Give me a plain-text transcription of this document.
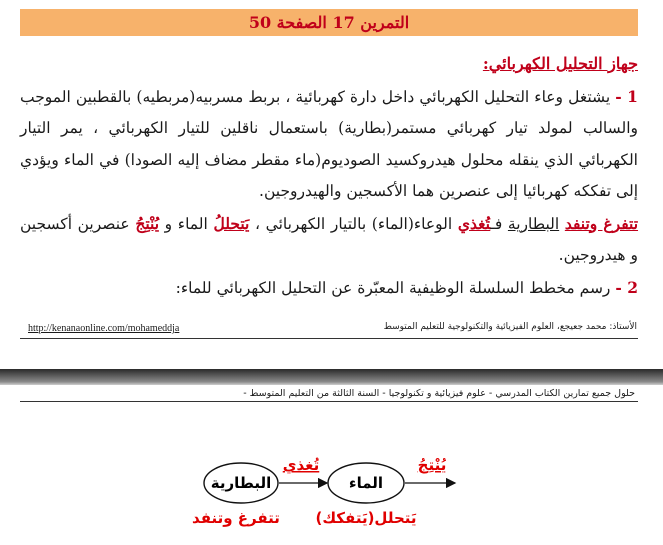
التمرين 17 الصفحة 50
جهاز التحليل الكهربائي:
1 - يشتغل وعاء التحليل الكهربائي داخل دارة كهربائية ، بربط مسربيه(مربطيه) بالقطبين الموجب والسالب لمولد تيار كهربائي مستمر(بطارية) باستعمال ناقلين للتيار الكهربائي ، يمر التيار الكهربائي الذي ينقله محلول هيدروكسيد الصوديوم(ماء مقطر مضاف إليه الصودا) في الماء ويؤدي إلى تفككه كهربائيا إلى عنصرين هما الأكسجين والهيدروجين.
تتفرغ وتنفد البطارية فـتُغذي الوعاء(الماء) بالتيار الكهربائي ، يَتحللُ الماء و يُنْتِجُ عنصرين أكسجين و هيدروجين.
2 - رسم مخطط السلسلة الوظيفية المعبّرة عن التحليل الكهربائي للماء:
http://kenanaonline.com/mohameddja	الأستاذ: محمد جعيجع، العلوم الفيزيائية والتكنولوجية للتعليم المتوسط
حلول جميع تمارين الكتاب المدرسي - علوم فيزيائية و تكنولوجيا - السنة الثالثة من التعليم المتوسط -
البطارية
تُغذي
الماء
يُنْتِجُ
تتفرغ وتنفد يَتحلل(يَتفكك)
